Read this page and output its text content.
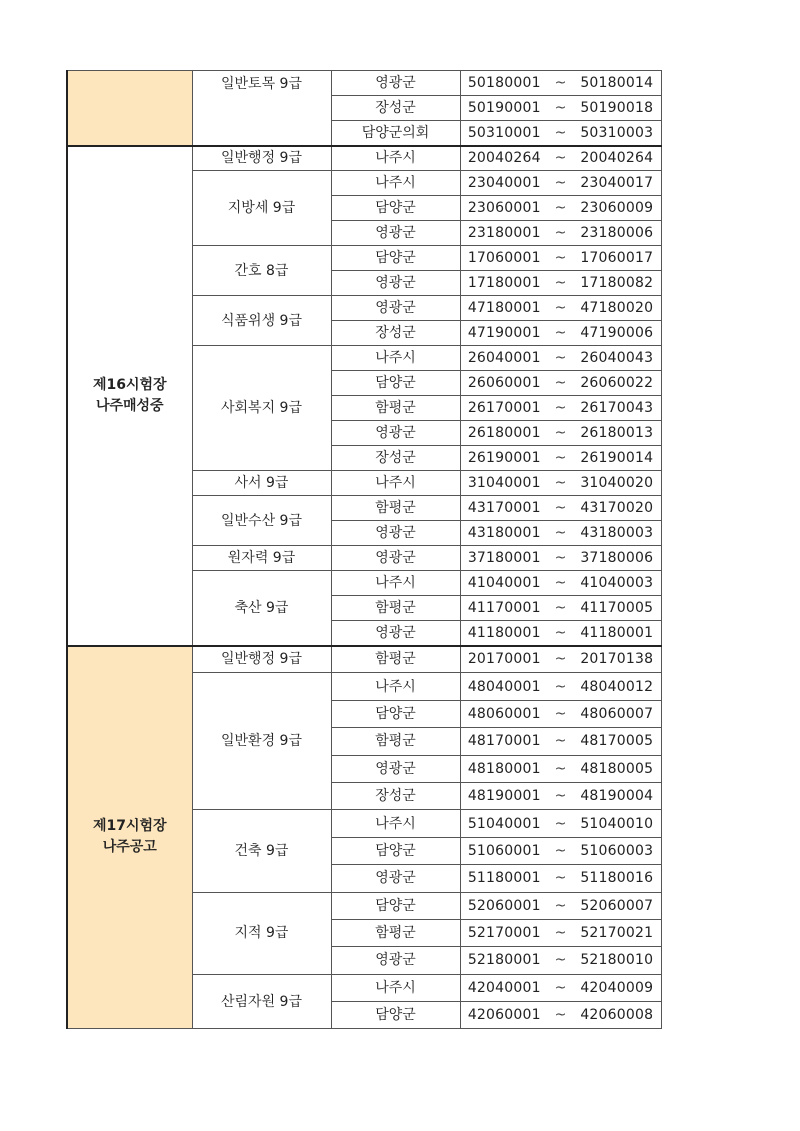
	일반토목 9급	영광군	50180001	~	50180014
		장성군	50190001	~	50190018
		담양군의회	50310001	~	50310003

제16시험장
나주매성중	일반행정 9급	나주시	20040264	~	20040264
	지방세 9급	나주시	23040001	~	23040017
		담양군	23060001	~	23060009
		영광군	23180001	~	23180006
	간호 8급	담양군	17060001	~	17060017
		영광군	17180001	~	17180082
	식품위생 9급	영광군	47180001	~	47180020
		장성군	47190001	~	47190006
	사회복지 9급	나주시	26040001	~	26040043
		담양군	26060001	~	26060022
		함평군	26170001	~	26170043
		영광군	26180001	~	26180013
		장성군	26190001	~	26190014
	사서 9급	나주시	31040001	~	31040020
	일반수산 9급	함평군	43170001	~	43170020
		영광군	43180001	~	43180003
	원자력 9급	영광군	37180001	~	37180006
	축산 9급	나주시	41040001	~	41040003
		함평군	41170001	~	41170005
		영광군	41180001	~	41180001

제17시험장
나주공고	일반행정 9급	함평군	20170001	~	20170138
	일반환경 9급	나주시	48040001	~	48040012
		담양군	48060001	~	48060007
		함평군	48170001	~	48170005
		영광군	48180001	~	48180005
		장성군	48190001	~	48190004
	건축 9급	나주시	51040001	~	51040010
		담양군	51060001	~	51060003
		영광군	51180001	~	51180016
	지적 9급	담양군	52060001	~	52060007
		함평군	52170001	~	52170021
		영광군	52180001	~	52180010
	산림자원 9급	나주시	42040001	~	42040009
		담양군	42060001	~	42060008
